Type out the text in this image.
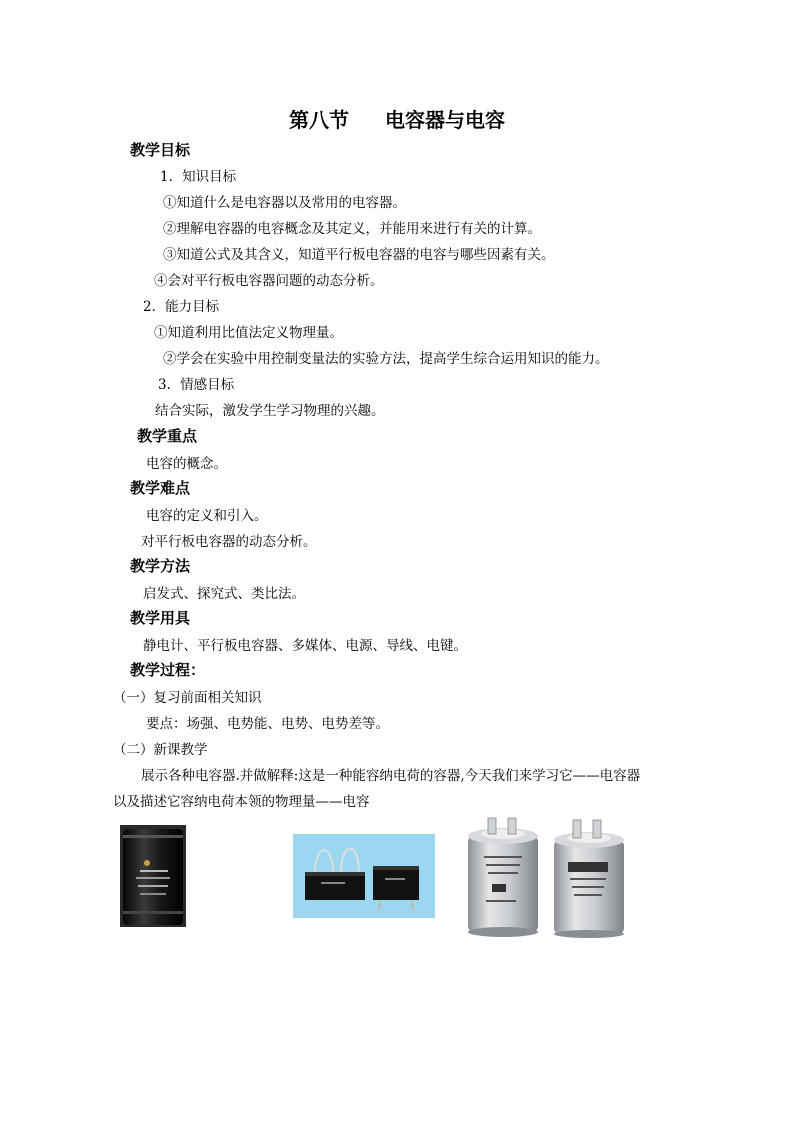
第八节 电容器与电容
教学目标
1．知识目标
①知道什么是电容器以及常用的电容器。
②理解电容器的电容概念及其定义，并能用来进行有关的计算。
③知道公式及其含义，知道平行板电容器的电容与哪些因素有关。
④会对平行板电容器问题的动态分析。
2．能力目标
①知道利用比值法定义物理量。
②学会在实验中用控制变量法的实验方法，提高学生综合运用知识的能力。
3．情感目标
结合实际，激发学生学习物理的兴趣。
教学重点
电容的概念。
教学难点
电容的定义和引入。
对平行板电容器的动态分析。
教学方法
启发式、探究式、类比法。
教学用具
静电计、平行板电容器、多媒体、电源、导线、电键。
教学过程：
（一）复习前面相关知识
要点：场强、电势能、电势、电势差等。
（二）新课教学
展示各种电容器.并做解释:这是一种能容纳电荷的容器,今天我们来学习它——电容器
以及描述它容纳电荷本领的物理量——电容
